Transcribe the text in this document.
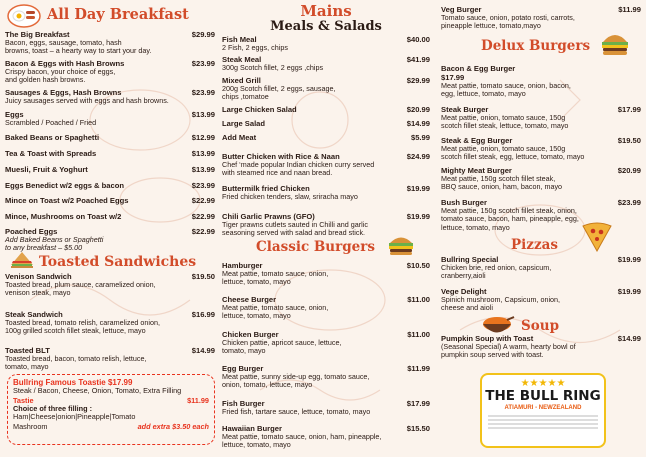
All Day Breakfast
The Big Breakfast	$29.99
Bacon, eggs, sausage, tomato, hash
browns, toast – a hearty way to start your day.
Bacon & Eggs with Hash Browns	$23.99
Crispy bacon, your choice of eggs,
and golden hash browns.
Sausages & Eggs, Hash Browns	$23.99
Juicy sausages served with eggs and hash browns.
Eggs	$13.99
Scrambled / Poached / Fried
Baked Beans or Spaghetti	$12.99
Tea & Toast with Spreads	$13.99
Muesli, Fruit & Yoghurt	$13.99
Eggs Benedict w/2 eggs & bacon	$23.99
Mince on Toast w/2 Poached Eggs	$22.99
Mince, Mushrooms on Toast w/2	$22.99
Poached Eggs	$22.99
Add Baked Beans or Spaghetti
to any breakfast – $5.00
Toasted Sandwiches
Venison Sandwich	$19.50
Toasted bread, plum sauce, caramelized onion,
venison steak, mayo
Steak Sandwich	$16.99
Toasted bread, tomato relish, caramelized onion,
100g grilled scotch fillet steak, lettuce, mayo
Toasted BLT	$14.99
Toasted bread, bacon, tomato relish, lettuce,
tomato, mayo
Bullring Famous Toastie $17.99
Steak / Bacon, Cheese, Onion, Tomato, Extra Filling
Tastie	$11.99
Choice of three filling :
Ham|Cheese|onion|Pineapple|Tomato
Mashroom	add extra $3.50 each
Mains
Meals & Salads
Fish Meal	$40.00
2 Fish, 2 eggs, chips
Steak Meal	$41.99
300g Scotch fillet, 2 eggs ,chips
Mixed Grill	$29.99
200g Scotch fillet, 2 eggs, sausage,
chips ,tomatoe
Large Chicken Salad	$20.99
Large Salad	$14.99
Add Meat	$5.99
Butter Chicken with Rice & Naan	$24.99
Chef ‘made popular Indian chicken curry served
with steamed rice and naan bread.
Buttermilk fried Chicken	$19.99
Fried chicken tenders, slaw, sriracha mayo
Chili Garlic Prawns (GFO)	$19.99
Tiger prawns cutlets sauted in Chilli and garlic
seasoning served with salad and bread stick.
Classic Burgers
Hamburger	$10.50
Meat pattie, tomato sauce, onion,
lettuce, tomato, mayo
Cheese Burger	$11.00
Meat pattie, tomato sauce, onion,
lettuce, tomato, mayo
Chicken Burger	$11.00
Chicken pattie, apricot sauce, lettuce,
tomato, mayo
Egg Burger	$11.99
Meat pattie, sunny side-up egg, tomato sauce,
onion, tomato, lettuce, mayo
Fish Burger	$17.99
Fried fish, tartare sauce, lettuce, tomato, mayo
Hawaiian Burger	$15.50
Meat pattie, tomato sauce, onion, ham, pineapple,
lettuce, tomato, mayo
Veg Burger	$11.99
Tomato sauce, onion, potato rosti, carrots,
pineapple lettuce, tomato,mayo
Delux Burgers
Bacon & Egg Burger
$17.99
Meat pattie, tomato sauce, onion, bacon,
egg, lettuce, tomato, mayo
Steak Burger	$17.99
Meat pattie, onion, tomato sauce, 150g
scotch fillet steak, lettuce, tomato, mayo
Steak & Egg Burger	$19.50
Meat pattie, onion, tomato sauce, 150g
scotch fillet steak, egg, lettuce, tomato, mayo
Mighty Meat Burger	$20.99
Meat pattie, 150g scotch fillet steak,
BBQ sauce, onion, ham, bacon, mayo
Bush Burger	$23.99
Meat pattie, 150g scotch fillet steak, onion,
tomato sauce, bacon, ham, pineapple, egg,
lettuce, tomato, mayo
Pizzas
Bullring Special	$19.99
Chicken brie, red onion, capsicum,
cranberry,aioli
Vege Delight	$19.99
Spinich mushroom, Capsicum, onion,
cheese and aioli
Soup
Pumpkin Soup with Toast	$14.99
(Seasonal Special) A warm, hearty bowl of
pumpkin soup served with toast.
★★★★★
THE BULL RING
ATIAMURI - NEWZEALAND
